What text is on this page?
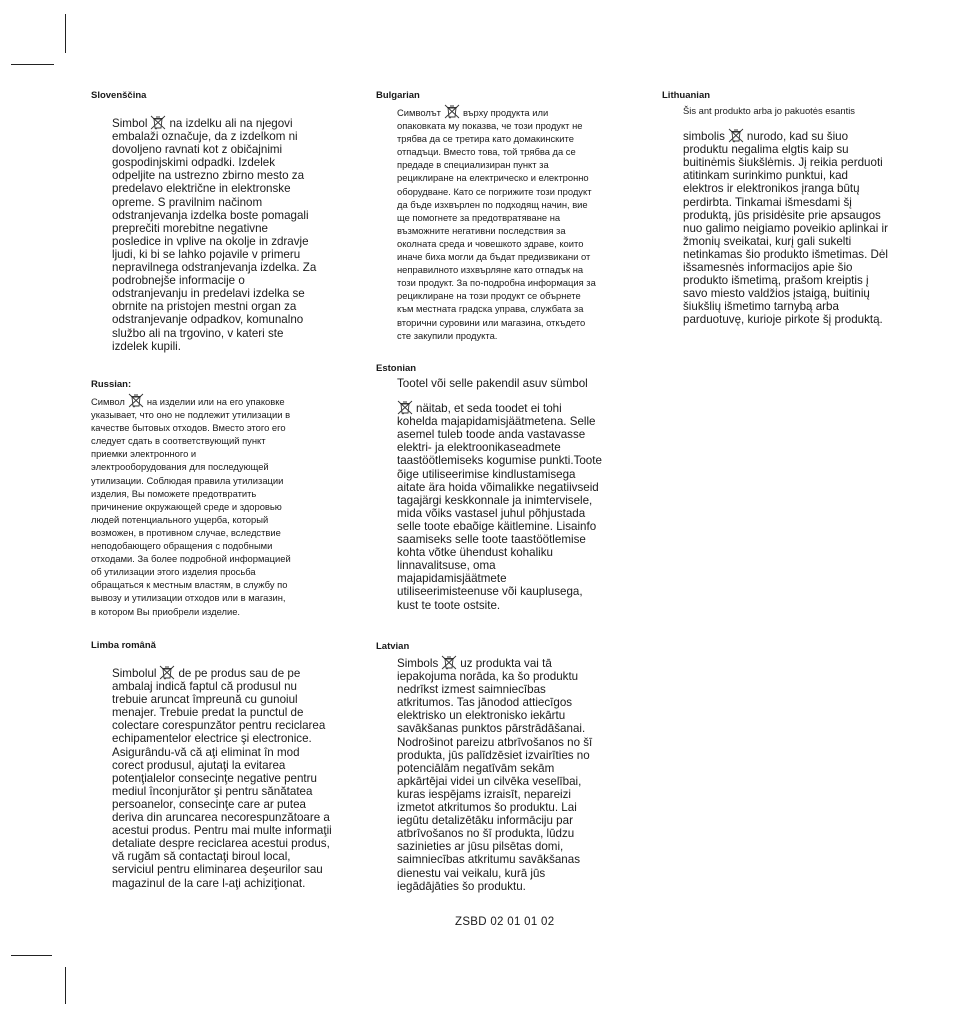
Slovenščina

Simbol na izdelku ali na njegovi
embalaži označuje, da z izdelkom ni
dovoljeno ravnati kot z običajnimi
gospodinjskimi odpadki. Izdelek
odpeljite na ustrezno zbirno mesto za
predelavo električne in elektronske
opreme. S pravilnim načinom
odstranjevanja izdelka boste pomagali
preprečiti morebitne negativne
posledice in vplive na okolje in zdravje
ljudi, ki bi se lahko pojavile v primeru
nepravilnega odstranjevanja izdelka. Za
podrobnejše informacije o
odstranjevanju in predelavi izdelka se
obrnite na pristojen mestni organ za
odstranjevanje odpadkov, komunalno
službo ali na trgovino, v kateri ste
izdelek kupili.

Russian:

Символ на изделии или на его упаковке
указывает, что оно не подлежит утилизации в
качестве бытовых отходов. Вместо этого его
следует сдать в соответствующий пункт
приемки электронного и
электрооборудования для последующей
утилизации. Соблюдая правила утилизации
изделия, Вы поможете предотвратить
причинение окружающей среде и здоровью
людей потенциального ущерба, который
возможен, в противном случае, вследствие
неподобающего обращения с подобными
отходами. За более подробной информацией
об утилизации этого изделия просьба
обращаться к местным властям, в службу по
вывозу и утилизации отходов или в магазин,
в котором Вы приобрели изделие.

Limba română

Simbolul de pe produs sau de pe
ambalaj indică faptul că produsul nu
trebuie aruncat împreună cu gunoiul
menajer. Trebuie predat la punctul de
colectare corespunzător pentru reciclarea
echipamentelor electrice şi electronice.
Asigurându-vă că aţi eliminat în mod
corect produsul, ajutaţi la evitarea
potenţialelor consecinţe negative pentru
mediul înconjurător şi pentru sănătatea
persoanelor, consecinţe care ar putea
deriva din aruncarea necorespunzătoare a
acestui produs. Pentru mai multe informaţii
detaliate despre reciclarea acestui produs,
vă rugăm să contactaţi biroul local,
serviciul pentru eliminarea deşeurilor sau
magazinul de la care l-aţi achiziţionat.

Bulgarian

Символът върху продукта или
опаковката му показва, че този продукт не
трябва да се третира като домакинските
отпадъци. Вместо това, той трябва да се
предаде в специализиран пункт за
рециклиране на електрическо и електронно
оборудване. Като се погрижите този продукт
да бъде изхвърлен по подходящ начин, вие
ще помогнете за предотвратяване на
възможните негативни последствия за
околната среда и човешкото здраве, които
иначе биха могли да бъдат предизвикани от
неправилното изхвърляне като отпадък на
този продукт. За по-подробна информация за
рециклиране на този продукт се обърнете
към местната градска управа, службата за
вторични суровини или магазина, откъдето
сте закупили продукта.

Estonian

Tootel või selle pakendil asuv sümbol

näitab, et seda toodet ei tohi
kohelda majapidamisjäätmetena. Selle
asemel tuleb toode anda vastavasse
elektri- ja elektroonikaseadmete
taastöötlemiseks kogumise punkti.Toote
õige utiliseerimise kindlustamisega
aitate ära hoida võimalikke negatiivseid
tagajärgi keskkonnale ja inimtervisele,
mida võiks vastasel juhul põhjustada
selle toote ebaõige käitlemine. Lisainfo
saamiseks selle toote taastöötlemise
kohta võtke ühendust kohaliku
linnavalitsuse, oma
majapidamisjäätmete
utiliseerimisteenuse või kauplusega,
kust te toote ostsite.

Latvian

Simbols uz produkta vai tā
iepakojuma norāda, ka šo produktu
nedrīkst izmest saimniecības
atkritumos. Tas jānodod attiecīgos
elektrisko un elektronisko iekārtu
savākšanas punktos pārstrādāšanai.
Nodrošinot pareizu atbrīvošanos no šī
produkta, jūs palīdzēsiet izvairīties no
potenciālām negatīvām sekām
apkārtējai videi un cilvēka veselībai,
kuras iespējams izraisīt, nepareizi
izmetot atkritumos šo produktu. Lai
iegūtu detalizētāku informāciju par
atbrīvošanos no šī produkta, lūdzu
sazinieties ar jūsu pilsētas domi,
saimniecības atkritumu savākšanas
dienestu vai veikalu, kurā jūs
iegādājāties šo produktu.

Lithuanian

Šis ant produkto arba jo pakuotės esantis

simbolis nurodo, kad su šiuo
produktu negalima elgtis kaip su
buitinėmis šiukšlėmis. Jį reikia perduoti
atitinkam surinkimo punktui, kad
elektros ir elektronikos įranga būtų
perdirbta. Tinkamai išmesdami šį
produktą, jūs prisidėsite prie apsaugos
nuo galimo neigiamo poveikio aplinkai ir
žmonių sveikatai, kurį gali sukelti
netinkamas šio produkto išmetimas. Dėl
išsamesnės informacijos apie šio
produkto išmetimą, prašom kreiptis į
savo miesto valdžios įstaigą, buitinių
šiukšlių išmetimo tarnybą arba
parduotuvę, kurioje pirkote šį produktą.

ZSBD 02 01 01 02
